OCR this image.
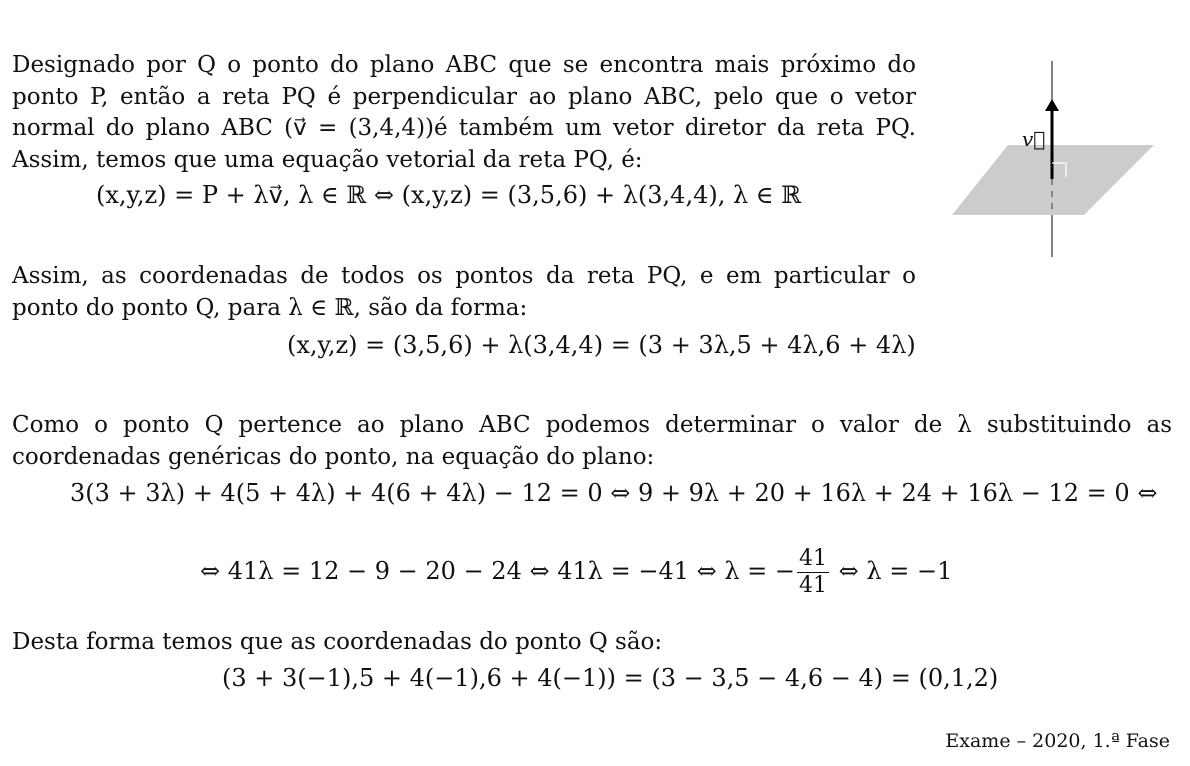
Designado por Q o ponto do plano ABC que se encontra mais próximo do ponto P, então a reta PQ é perpendicular ao plano ABC, pelo que o vetor normal do plano ABC (v⃗ = (3,4,4))é também um vetor diretor da reta PQ. Assim, temos que uma equação vetorial da reta PQ, é:

(x,y,z) = P + λv⃗, λ ∈ ℝ ⇔ (x,y,z) = (3,5,6) + λ(3,4,4), λ ∈ ℝ

Assim, as coordenadas de todos os pontos da reta PQ, e em particular o ponto do ponto Q, para λ ∈ ℝ, são da forma:

(x,y,z) = (3,5,6) + λ(3,4,4) = (3 + 3λ,5 + 4λ,6 + 4λ)

Como o ponto Q pertence ao plano ABC podemos determinar o valor de λ substituindo as coordenadas genéricas do ponto, na equação do plano:

3(3 + 3λ) + 4(5 + 4λ) + 4(6 + 4λ) − 12 = 0 ⇔ 9 + 9λ + 20 + 16λ + 24 + 16λ − 12 = 0 ⇔
⇔ 41λ = 12 − 9 − 20 − 24 ⇔ 41λ = −41 ⇔ λ = − $\frac{41}{41}$ ⇔ λ = −1

Desta forma temos que as coordenadas do ponto Q são:

(3 + 3(−1),5 + 4(−1),6 + 4(−1)) = (3 − 3,5 − 4,6 − 4) = (0,1,2)
v⃗
Exame – 2020, 1.ª Fase
